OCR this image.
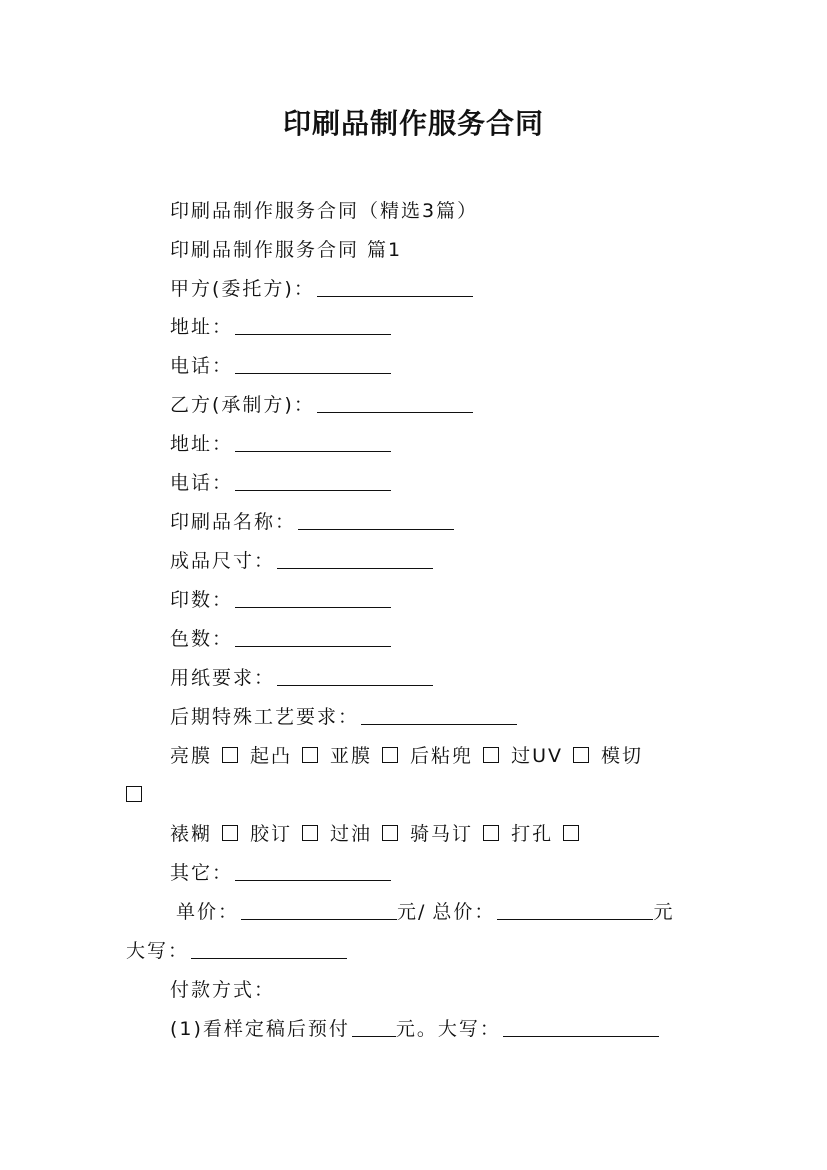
印刷品制作服务合同
印刷品制作服务合同（精选3篇）
印刷品制作服务合同 篇1
甲方(委托方)：
地址：
电话：
乙方(承制方)：
地址：
电话：
印刷品名称：
成品尺寸：
印数：
色数：
用纸要求：
后期特殊工艺要求：
亮膜 起凸 亚膜 后粘兜 过UV 模切
裱糊 胶订 过油 骑马订 打孔
其它：
单价：	元/ 总价：	元
大写：
付款方式：
(1)看样定稿后预付 元。大写：
